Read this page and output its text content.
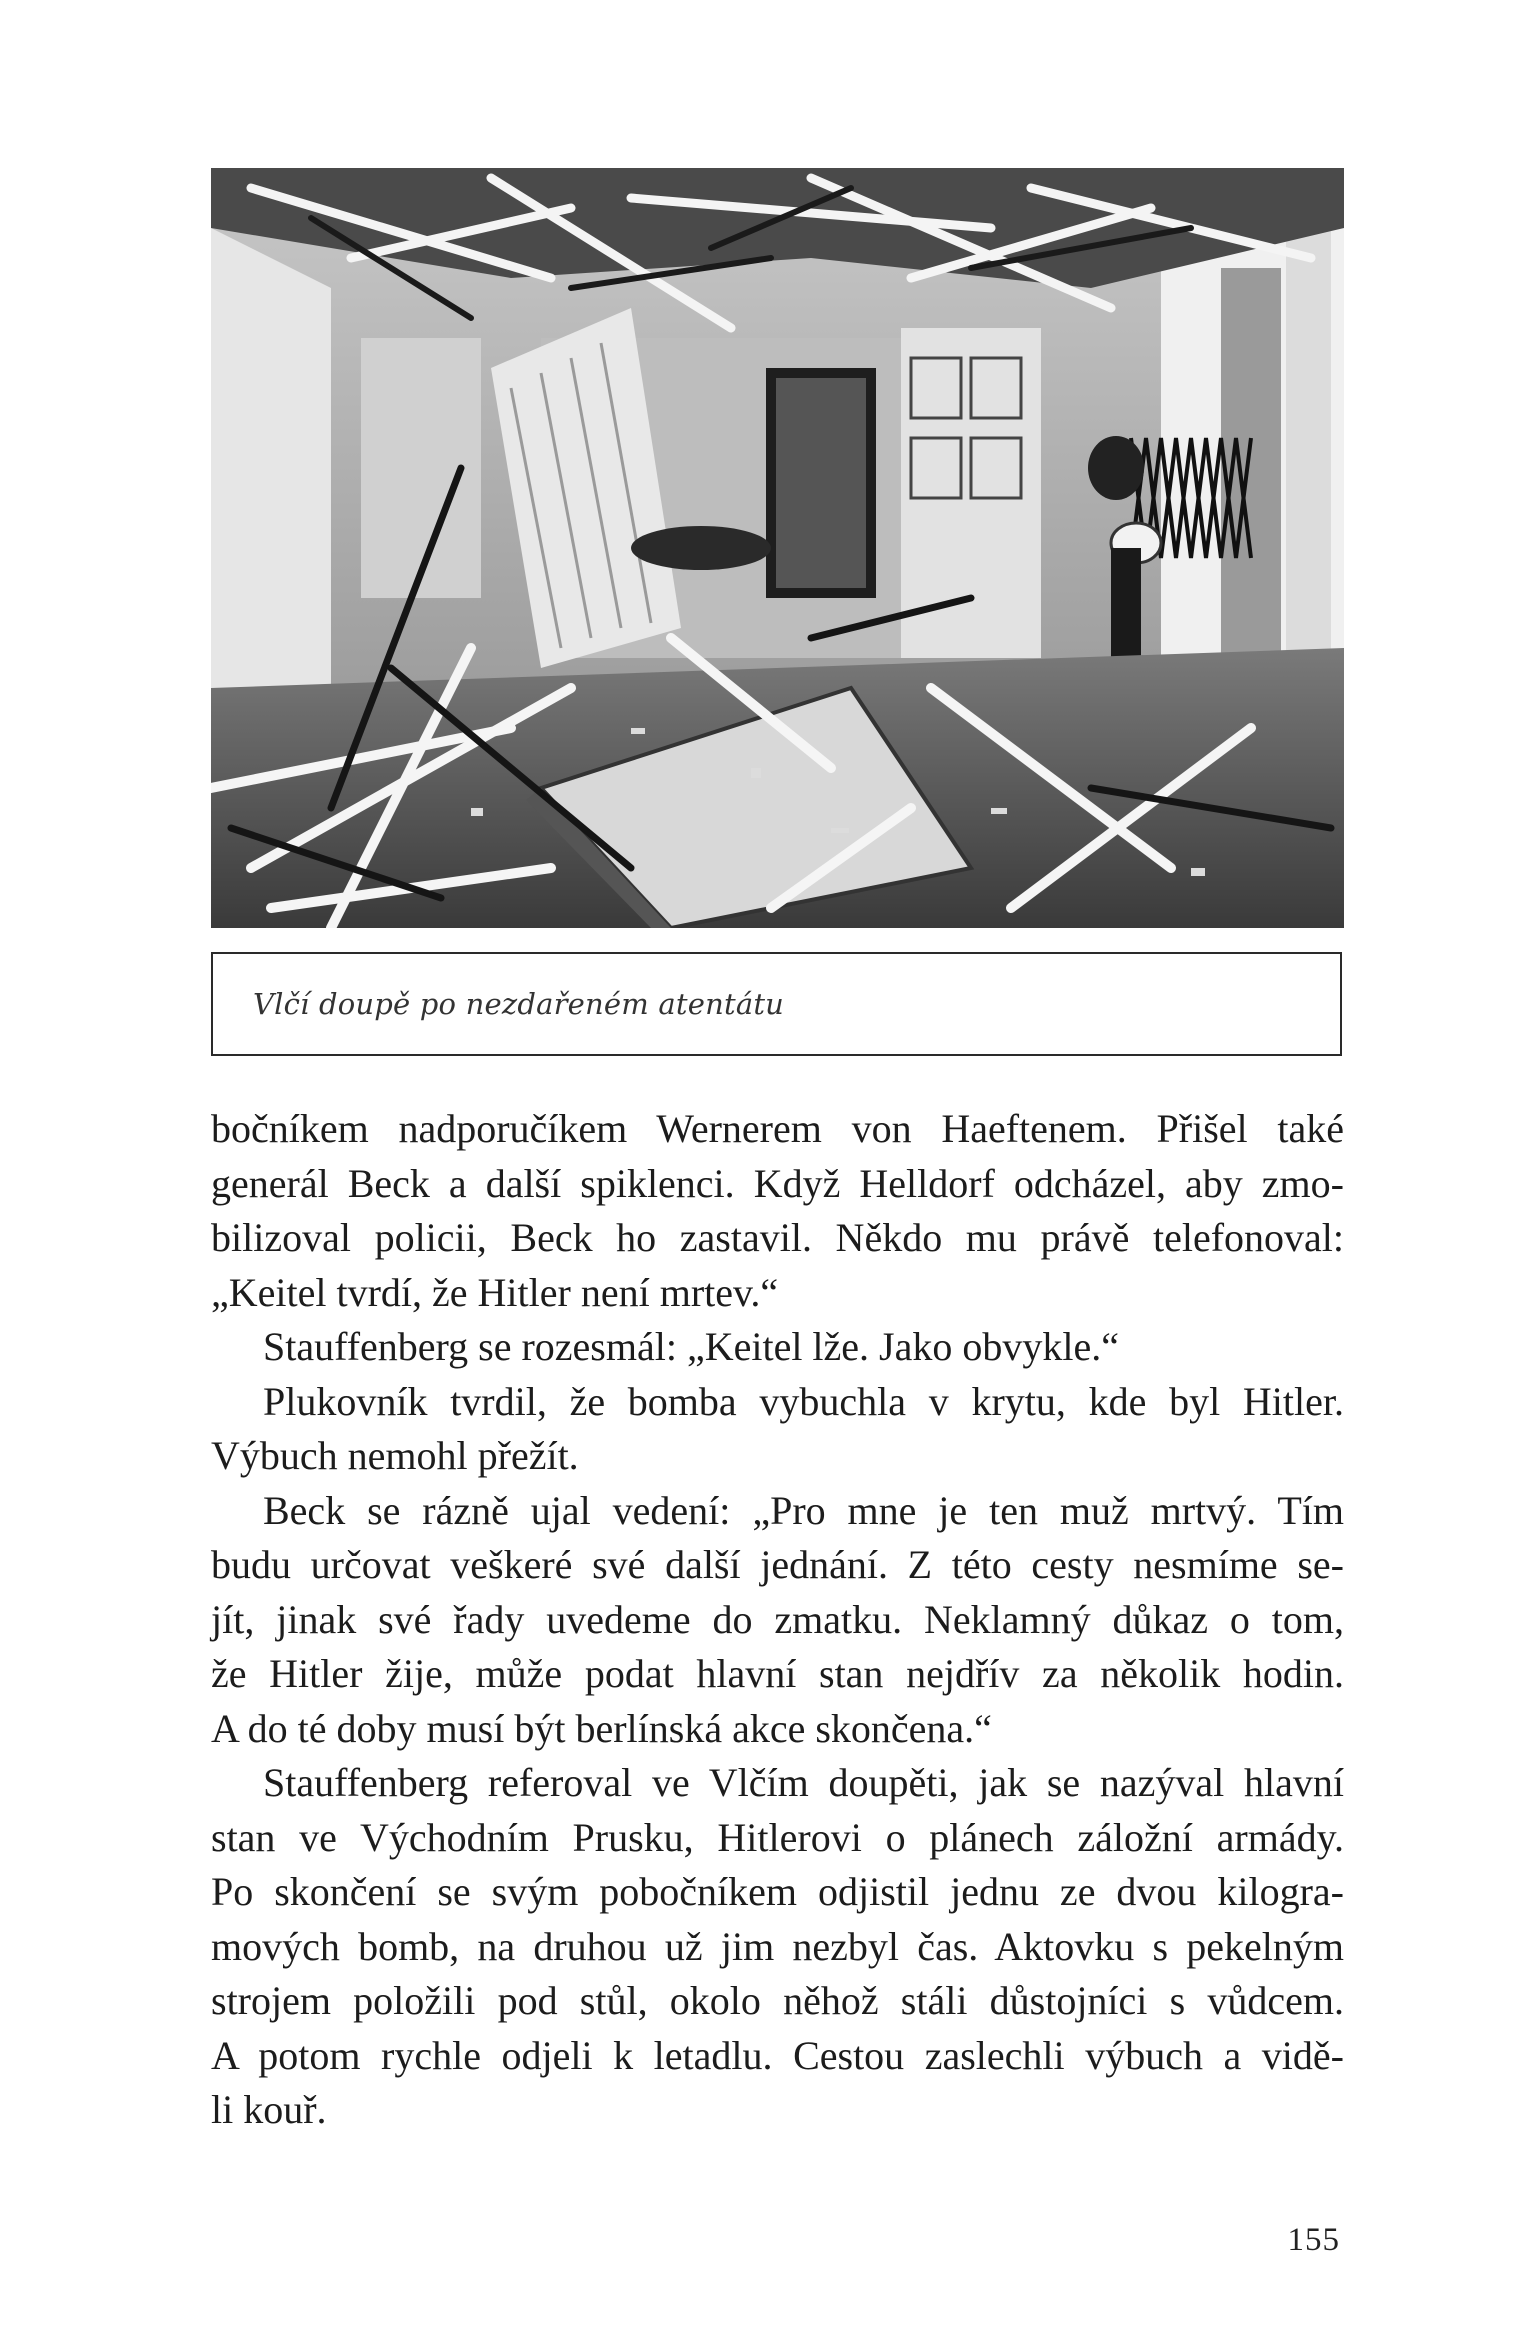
Vlčí doupě po nezdařeném atentátu
bočníkem nadporučíkem Wernerem von Haeftenem. Přišel také
generál Beck a další spiklenci. Když Helldorf odcházel, aby zmo-
bilizoval policii, Beck ho zastavil. Někdo mu právě telefonoval:
„Keitel tvrdí, že Hitler není mrtev.“
Stauffenberg se rozesmál: „Keitel lže. Jako obvykle.“
Plukovník tvrdil, že bomba vybuchla v krytu, kde byl Hitler.
Výbuch nemohl přežít.
Beck se rázně ujal vedení: „Pro mne je ten muž mrtvý. Tím
budu určovat veškeré své další jednání. Z této cesty nesmíme se-
jít, jinak své řady uvedeme do zmatku. Neklamný důkaz o tom,
že Hitler žije, může podat hlavní stan nejdřív za několik hodin.
A do té doby musí být berlínská akce skončena.“
Stauffenberg referoval ve Vlčím doupěti, jak se nazýval hlavní
stan ve Východním Prusku, Hitlerovi o plánech záložní armády.
Po skončení se svým pobočníkem odjistil jednu ze dvou kilogra-
mových bomb, na druhou už jim nezbyl čas. Aktovku s pekelným
strojem položili pod stůl, okolo něhož stáli důstojníci s vůdcem.
A potom rychle odjeli k letadlu. Cestou zaslechli výbuch a vidě-
li kouř.
155
